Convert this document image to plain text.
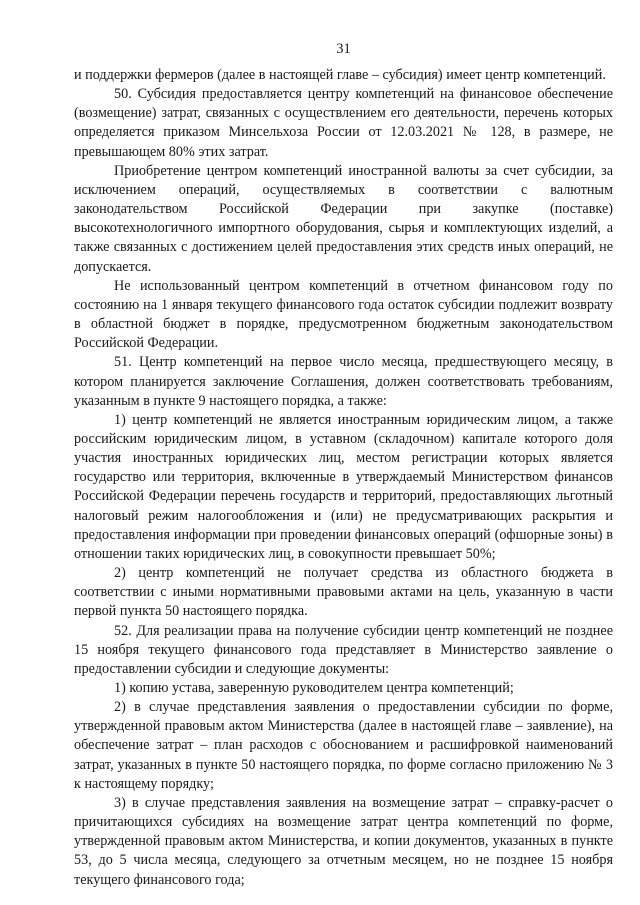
31

и поддержки фермеров (далее в настоящей главе – субсидия) имеет центр компетенций.

50. Субсидия предоставляется центру компетенций на финансовое обеспечение (возмещение) затрат, связанных с осуществлением его деятельности, перечень которых определяется приказом Минсельхоза России от 12.03.2021 № 128, в размере, не превышающем 80% этих затрат.

Приобретение центром компетенций иностранной валюты за счет субсидии, за исключением операций, осуществляемых в соответствии с валютным законодательством Российской Федерации при закупке (поставке) высокотехнологичного импортного оборудования, сырья и комплектующих изделий, а также связанных с достижением целей предоставления этих средств иных операций, не допускается.

Не использованный центром компетенций в отчетном финансовом году по состоянию на 1 января текущего финансового года остаток субсидии подлежит возврату в областной бюджет в порядке, предусмотренном бюджетным законодательством Российской Федерации.

51. Центр компетенций на первое число месяца, предшествующего месяцу, в котором планируется заключение Соглашения, должен соответствовать требованиям, указанным в пункте 9 настоящего порядка, а также:

1) центр компетенций не является иностранным юридическим лицом, а также российским юридическим лицом, в уставном (складочном) капитале которого доля участия иностранных юридических лиц, местом регистрации которых является государство или территория, включенные в утверждаемый Министерством финансов Российской Федерации перечень государств и территорий, предоставляющих льготный налоговый режим налогообложения и (или) не предусматривающих раскрытия и предоставления информации при проведении финансовых операций (офшорные зоны) в отношении таких юридических лиц, в совокупности превышает 50%;

2) центр компетенций не получает средства из областного бюджета в соответствии с иными нормативными правовыми актами на цель, указанную в части первой пункта 50 настоящего порядка.

52. Для реализации права на получение субсидии центр компетенций не позднее 15 ноября текущего финансового года представляет в Министерство заявление о предоставлении субсидии и следующие документы:

1) копию устава, заверенную руководителем центра компетенций;

2) в случае представления заявления о предоставлении субсидии по форме, утвержденной правовым актом Министерства (далее в настоящей главе – заявление), на обеспечение затрат – план расходов с обоснованием и расшифровкой наименований затрат, указанных в пункте 50 настоящего порядка, по форме согласно приложению № 3 к настоящему порядку;

3) в случае представления заявления на возмещение затрат – справку-расчет о причитающихся субсидиях на возмещение затрат центра компетенций по форме, утвержденной правовым актом Министерства, и копии документов, указанных в пункте 53, до 5 числа месяца, следующего за отчетным месяцем, но не позднее 15 ноября текущего финансового года;
